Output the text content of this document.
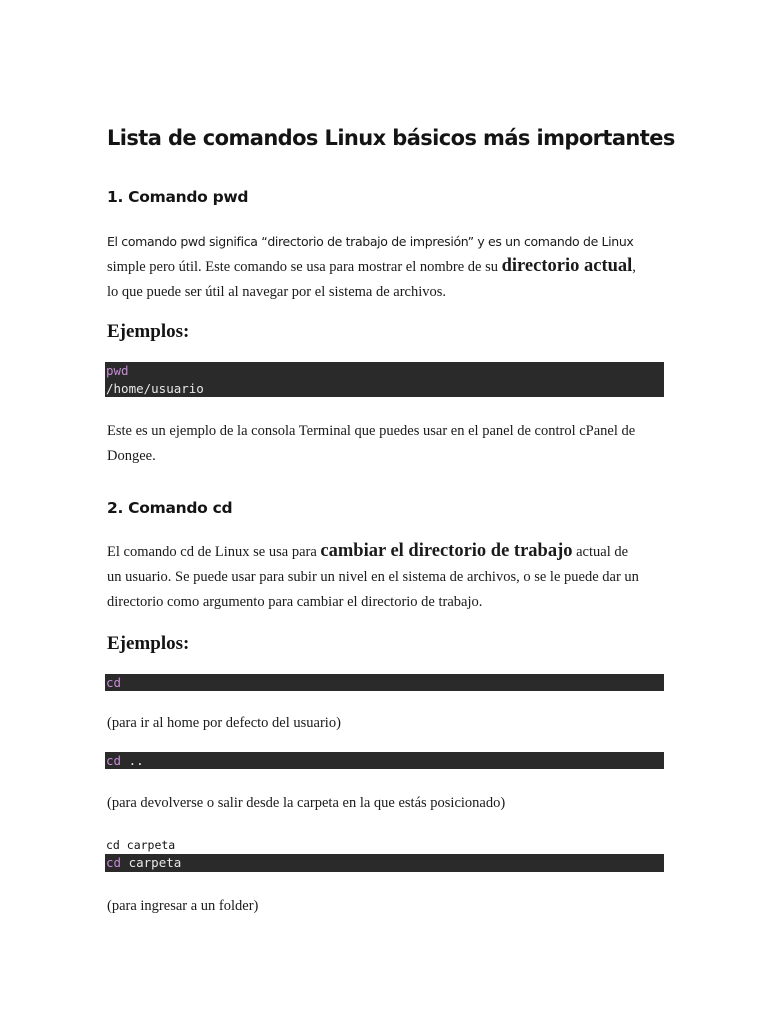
Lista de comandos Linux básicos más importantes
1. Comando pwd
El comando pwd significa “directorio de trabajo de impresión” y es un comando de Linux
simple pero útil. Este comando se usa para mostrar el nombre de su directorio actual,
lo que puede ser útil al navegar por el sistema de archivos.
Ejemplos:
pwd
/home/usuario
Este es un ejemplo de la consola Terminal que puedes usar en el panel de control cPanel de
Dongee.
2. Comando cd
El comando cd de Linux se usa para cambiar el directorio de trabajo actual de
un usuario. Se puede usar para subir un nivel en el sistema de archivos, o se le puede dar un
directorio como argumento para cambiar el directorio de trabajo.
Ejemplos:
cd
(para ir al home por defecto del usuario)
cd ..
(para devolverse o salir desde la carpeta en la que estás posicionado)
cd carpeta
cd carpeta
(para ingresar a un folder)
